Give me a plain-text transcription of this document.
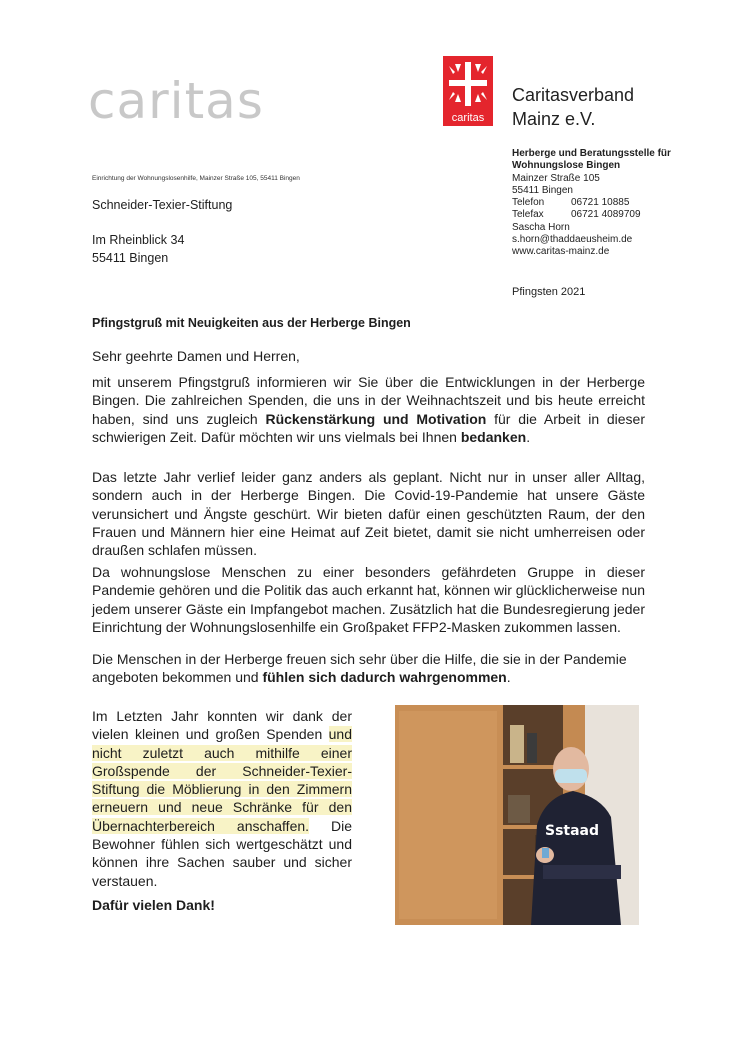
caritas	caritas
Caritasverband
Mainz e.V.
Einrichtung der Wohnungslosenhilfe, Mainzer Straße 105, 55411 Bingen
Schneider-Texier-Stiftung
Im Rheinblick 34
55411 Bingen
Herberge und Beratungsstelle für
Wohnungslose Bingen
Mainzer Straße 105
55411 Bingen
Telefon	06721 10885
Telefax	06721 4089709
Sascha Horn
s.horn@thaddaeusheim.de
www.caritas-mainz.de
Pfingsten 2021
Pfingstgruß mit Neuigkeiten aus der Herberge Bingen
Sehr geehrte Damen und Herren,
mit unserem Pfingstgruß informieren wir Sie über die Entwicklungen in der Herberge Bingen. Die zahlreichen Spenden, die uns in der Weihnachtszeit und bis heute erreicht haben, sind uns zugleich Rückenstärkung und Motivation für die Arbeit in dieser schwierigen Zeit. Dafür möchten wir uns vielmals bei Ihnen bedanken.
Das letzte Jahr verlief leider ganz anders als geplant. Nicht nur in unser aller Alltag, sondern auch in der Herberge Bingen. Die Covid-19-Pandemie hat unsere Gäste verunsichert und Ängste geschürt. Wir bieten dafür einen geschützten Raum, der den Frauen und Männern hier eine Heimat auf Zeit bietet, damit sie nicht umherreisen oder draußen schlafen müssen.
Da wohnungslose Menschen zu einer besonders gefährdeten Gruppe in dieser Pandemie gehören und die Politik das auch erkannt hat, können wir glücklicherweise nun jedem unserer Gäste ein Impfangebot machen. Zusätzlich hat die Bundesregierung jeder Einrichtung der Wohnungslosenhilfe ein Großpaket FFP2-Masken zukommen lassen.
Die Menschen in der Herberge freuen sich sehr über die Hilfe, die sie in der Pandemie angeboten bekommen und fühlen sich dadurch wahrgenommen.
Im Letzten Jahr konnten wir dank der vielen kleinen und großen Spenden und nicht zuletzt auch mithilfe einer Großspende der Schneider-Texier-Stiftung die Möblierung in den Zimmern erneuern und neue Schränke für den Übernachterbereich anschaffen. Die Bewohner fühlen sich wertgeschätzt und können ihre Sachen sauber und sicher verstauen.
Dafür vielen Dank!
Sstaad
